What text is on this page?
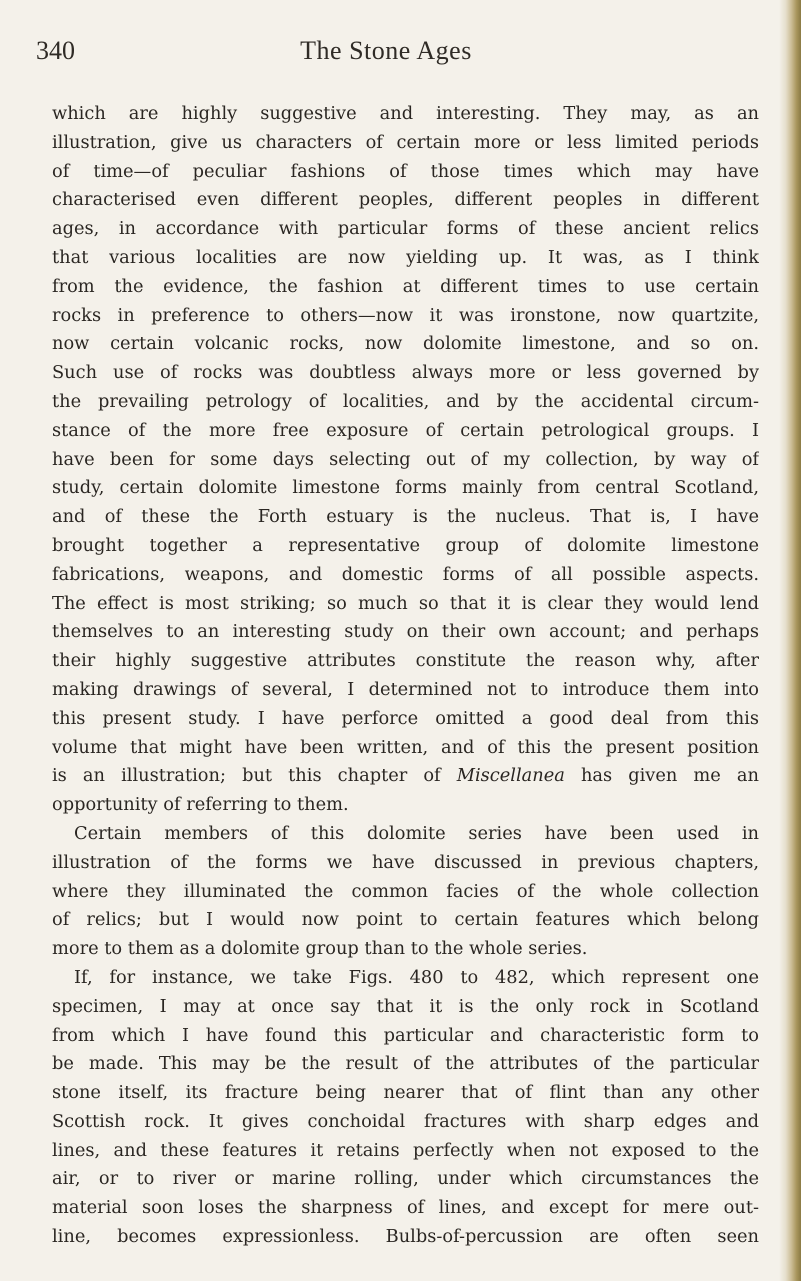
340	The Stone Ages
which are highly suggestive and interesting. They may, as an
illustration, give us characters of certain more or less limited periods
of time—of peculiar fashions of those times which may have
characterised even different peoples, different peoples in different
ages, in accordance with particular forms of these ancient relics
that various localities are now yielding up. It was, as I think
from the evidence, the fashion at different times to use certain
rocks in preference to others—now it was ironstone, now quartzite,
now certain volcanic rocks, now dolomite limestone, and so on.
Such use of rocks was doubtless always more or less governed by
the prevailing petrology of localities, and by the accidental circum-
stance of the more free exposure of certain petrological groups. I
have been for some days selecting out of my collection, by way of
study, certain dolomite limestone forms mainly from central Scotland,
and of these the Forth estuary is the nucleus. That is, I have
brought together a representative group of dolomite limestone
fabrications, weapons, and domestic forms of all possible aspects.
The effect is most striking; so much so that it is clear they would lend
themselves to an interesting study on their own account; and perhaps
their highly suggestive attributes constitute the reason why, after
making drawings of several, I determined not to introduce them into
this present study. I have perforce omitted a good deal from this
volume that might have been written, and of this the present position
is an illustration; but this chapter of Miscellanea has given me an
opportunity of referring to them.
Certain members of this dolomite series have been used in
illustration of the forms we have discussed in previous chapters,
where they illuminated the common facies of the whole collection
of relics; but I would now point to certain features which belong
more to them as a dolomite group than to the whole series.
If, for instance, we take Figs. 480 to 482, which represent one
specimen, I may at once say that it is the only rock in Scotland
from which I have found this particular and characteristic form to
be made. This may be the result of the attributes of the particular
stone itself, its fracture being nearer that of flint than any other
Scottish rock. It gives conchoidal fractures with sharp edges and
lines, and these features it retains perfectly when not exposed to the
air, or to river or marine rolling, under which circumstances the
material soon loses the sharpness of lines, and except for mere out-
line, becomes expressionless. Bulbs-of-percussion are often seen
